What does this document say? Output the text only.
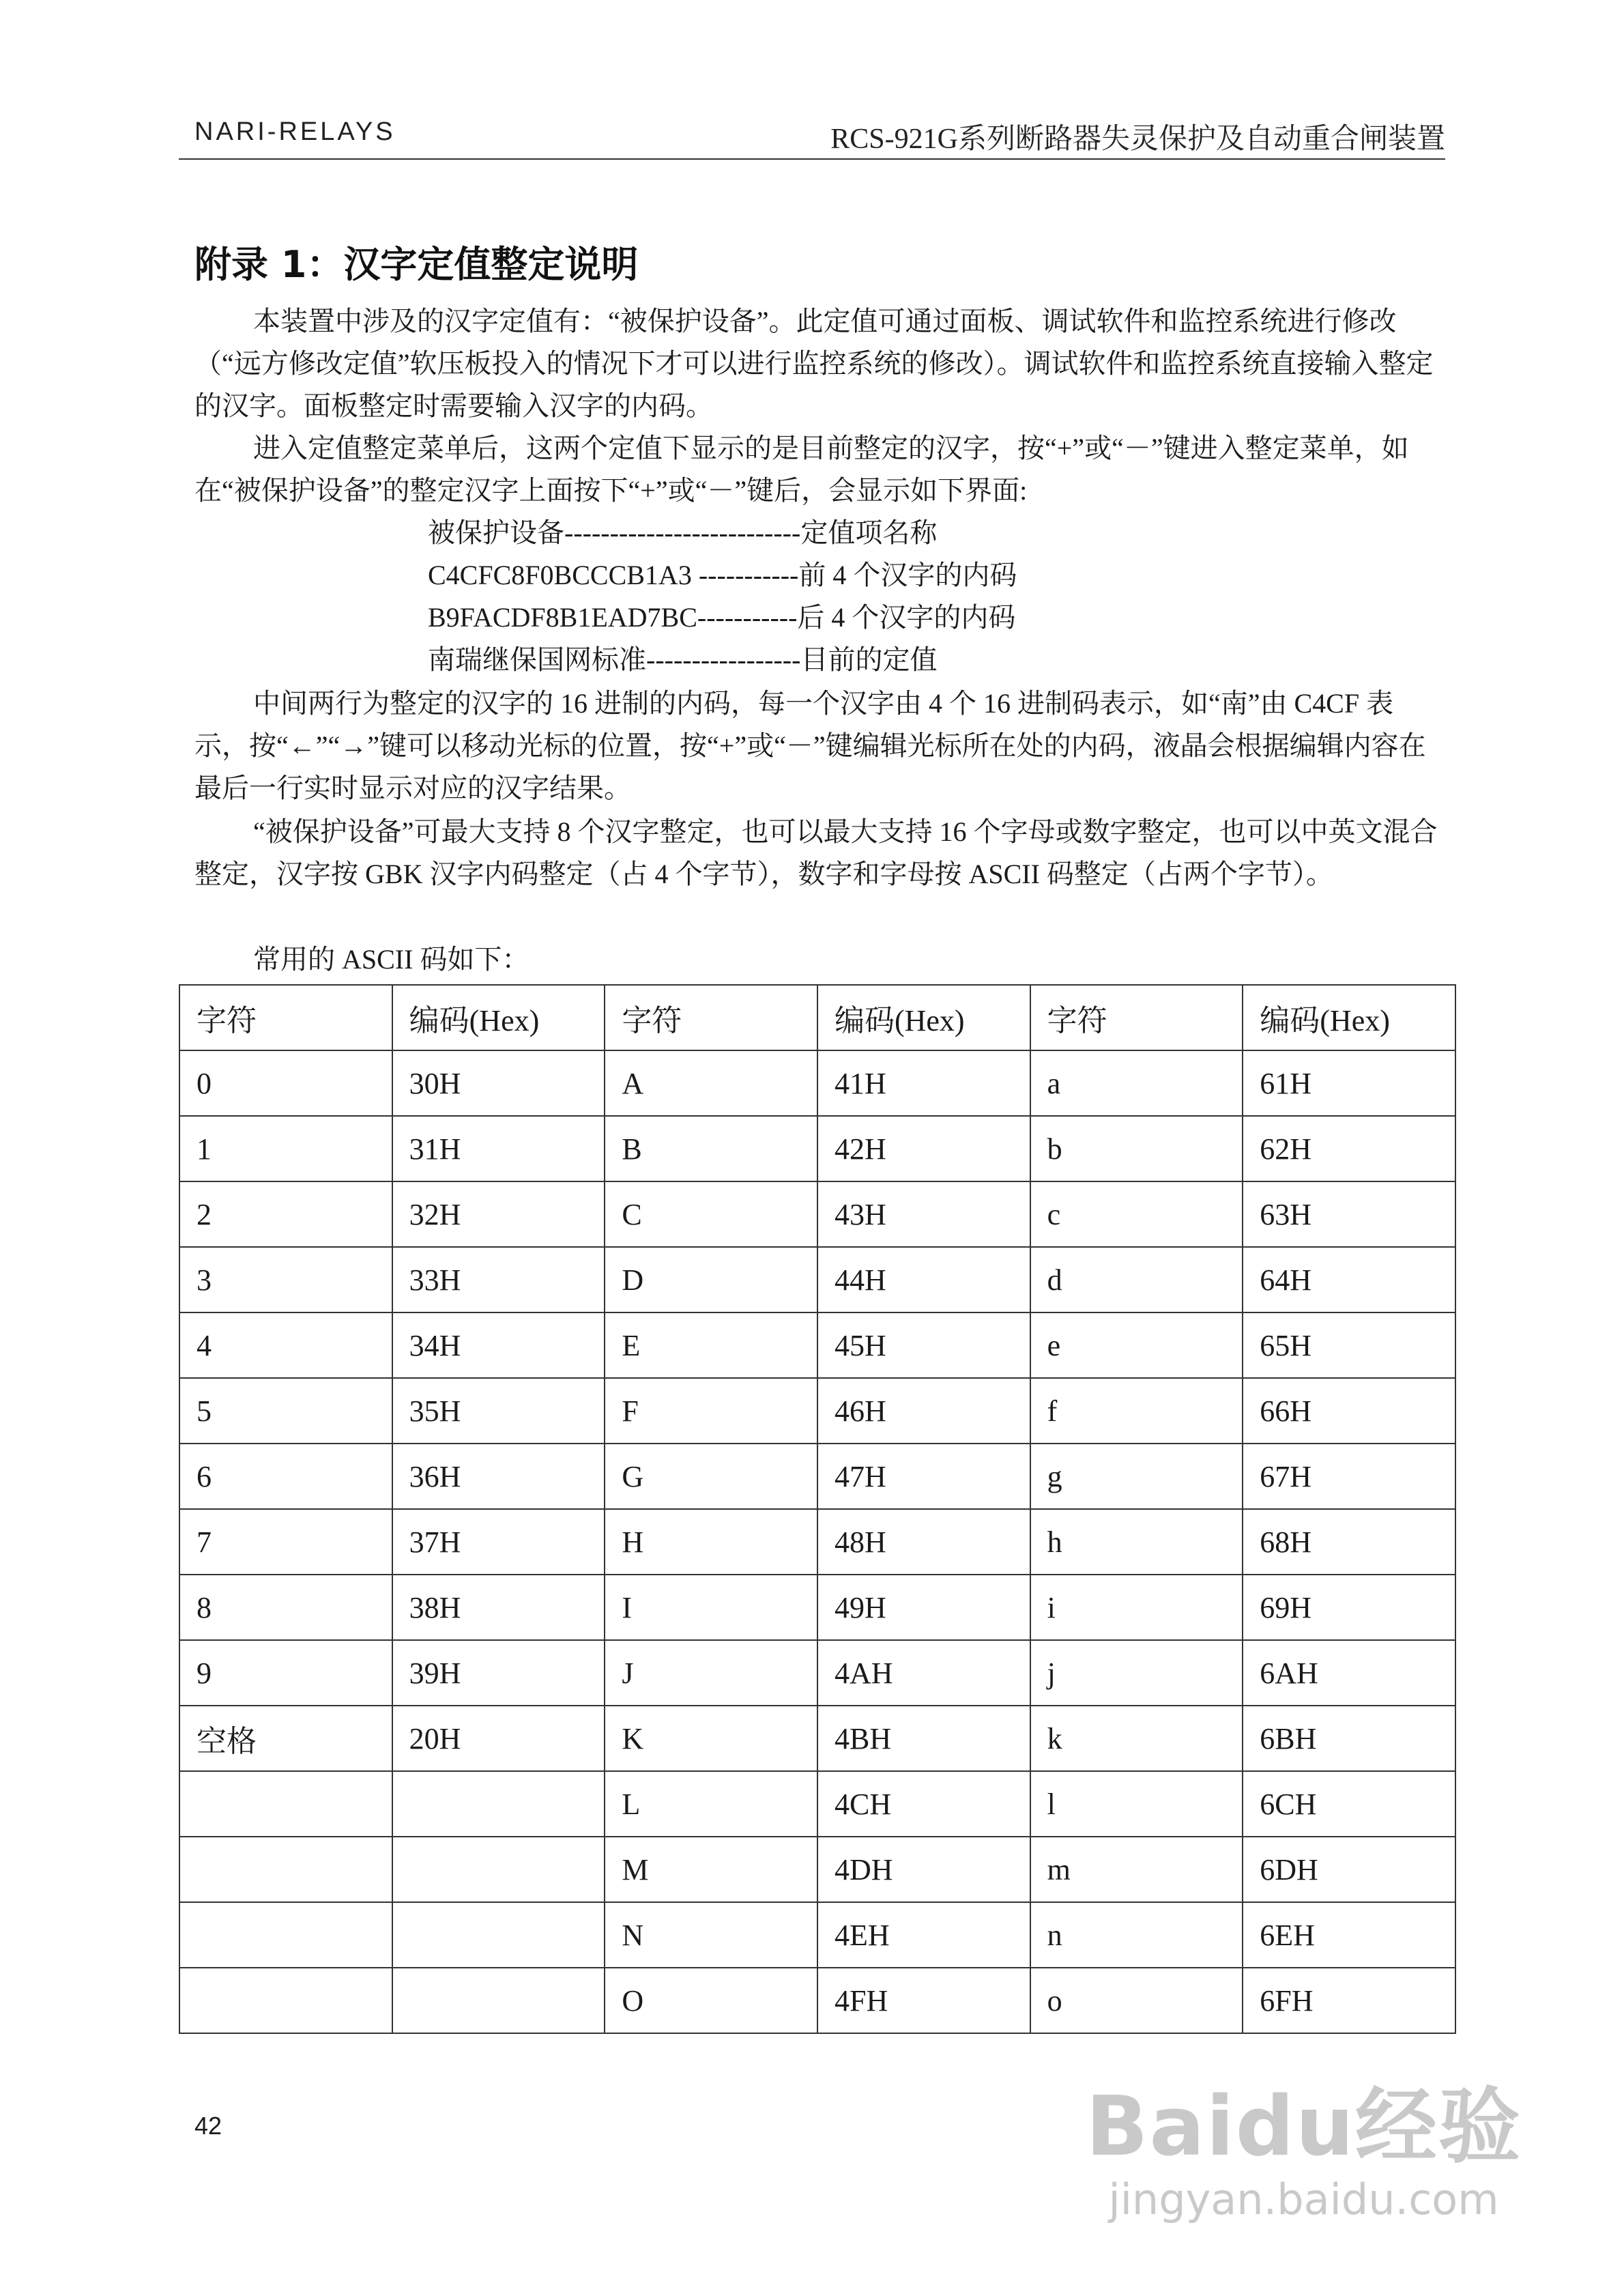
NARI-RELAYS	RCS-921G系列断路器失灵保护及自动重合闸装置
附录 1：汉字定值整定说明

本装置中涉及的汉字定值有：“被保护设备”。此定值可通过面板、调试软件和监控系统进行修改（“远方修改定值”软压板投入的情况下才可以进行监控系统的修改）。调试软件和监控系统直接输入整定的汉字。面板整定时需要输入汉字的内码。

进入定值整定菜单后，这两个定值下显示的是目前整定的汉字，按“+”或“－”键进入整定菜单，如在“被保护设备”的整定汉字上面按下“+”或“－”键后，会显示如下界面:

被保护设备--------------------------定值项名称
C4CFC8F0BCCCB1A3 -----------前 4 个汉字的内码
B9FACDF8B1EAD7BC-----------后 4 个汉字的内码
南瑞继保国网标准-----------------目前的定值

中间两行为整定的汉字的 16 进制的内码，每一个汉字由 4 个 16 进制码表示，如“南”由 C4CF 表示，按“←”“→”键可以移动光标的位置，按“+”或“－”键编辑光标所在处的内码，液晶会根据编辑内容在最后一行实时显示对应的汉字结果。

“被保护设备”可最大支持 8 个汉字整定，也可以最大支持 16 个字母或数字整定，也可以中英文混合整定，汉字按 GBK 汉字内码整定（占 4 个字节），数字和字母按 ASCII 码整定（占两个字节）。

常用的 ASCII 码如下：

字符	编码(Hex)	字符	编码(Hex)	字符	编码(Hex)
0	30H	A	41H	a	61H
1	31H	B	42H	b	62H
2	32H	C	43H	c	63H
3	33H	D	44H	d	64H
4	34H	E	45H	e	65H
5	35H	F	46H	f	66H
6	36H	G	47H	g	67H
7	37H	H	48H	h	68H
8	38H	I	49H	i	69H
9	39H	J	4AH	j	6AH
空格	20H	K	4BH	k	6BH
		L	4CH	l	6CH
		M	4DH	m	6DH
		N	4EH	n	6EH
		O	4FH	o	6FH
42	Baidu经验
jingyan.baidu.com
